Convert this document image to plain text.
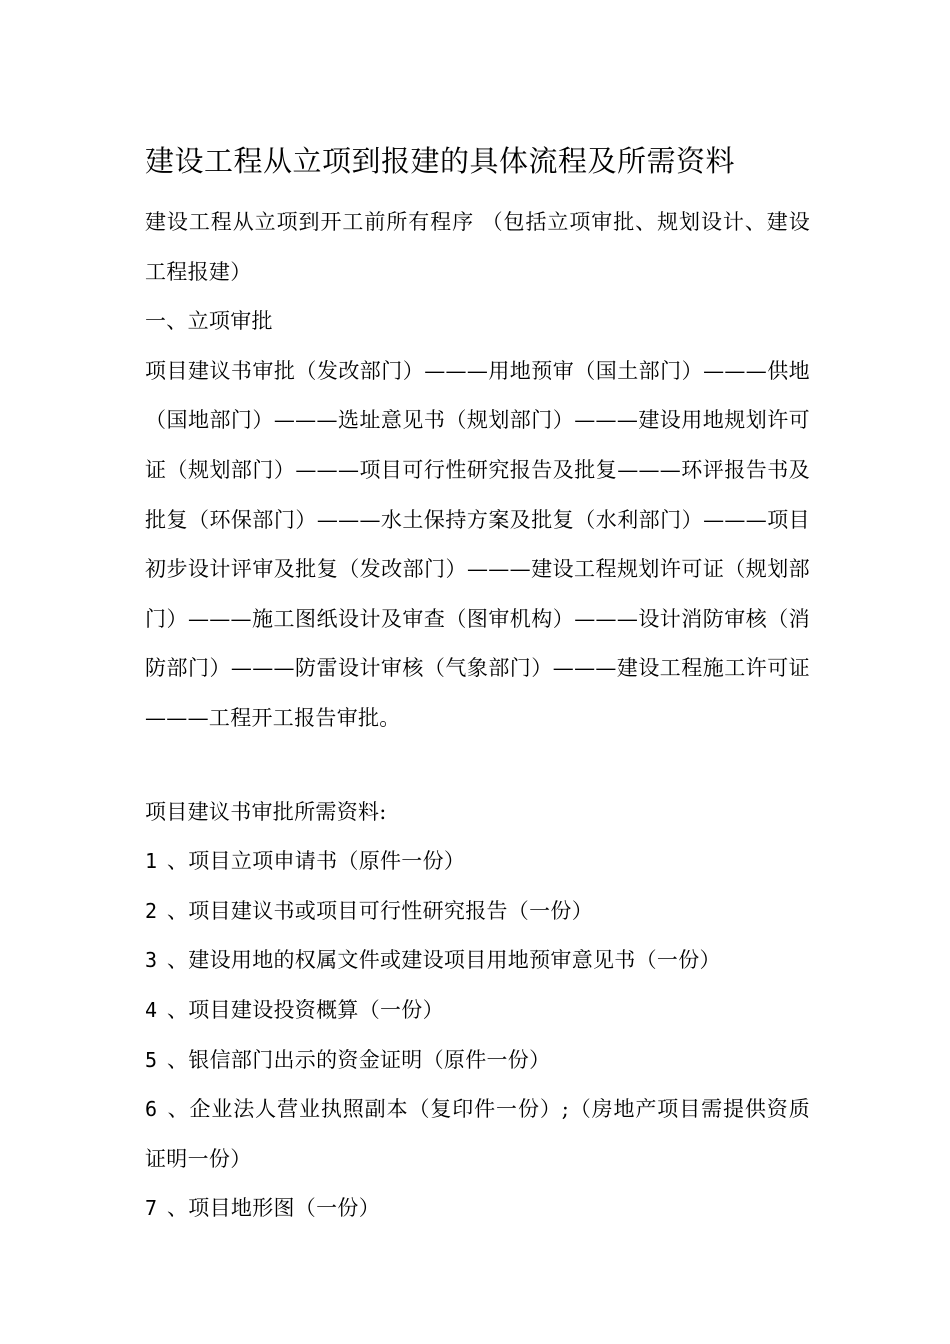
建设工程从立项到报建的具体流程及所需资料

建设工程从立项到开工前所有程序 （包括立项审批、规划设计、建设工程报建）

一、立项审批

项目建议书审批（发改部门）———用地预审（国土部门）———供地（国地部门）———选址意见书（规划部门）———建设用地规划许可证（规划部门）———项目可行性研究报告及批复———环评报告书及批复（环保部门）———水土保持方案及批复（水利部门）———项目初步设计评审及批复（发改部门）———建设工程规划许可证（规划部门）———施工图纸设计及审查（图审机构）———设计消防审核（消防部门）———防雷设计审核（气象部门）———建设工程施工许可证———工程开工报告审批。

项目建议书审批所需资料:

1 、项目立项申请书（原件一份）
2 、项目建议书或项目可行性研究报告（一份）
3 、建设用地的权属文件或建设项目用地预审意见书（一份）
4 、项目建设投资概算（一份）
5 、银信部门出示的资金证明（原件一份）
6 、企业法人营业执照副本（复印件一份）;（房地产项目需提供资质证明一份）
7 、项目地形图（一份）
